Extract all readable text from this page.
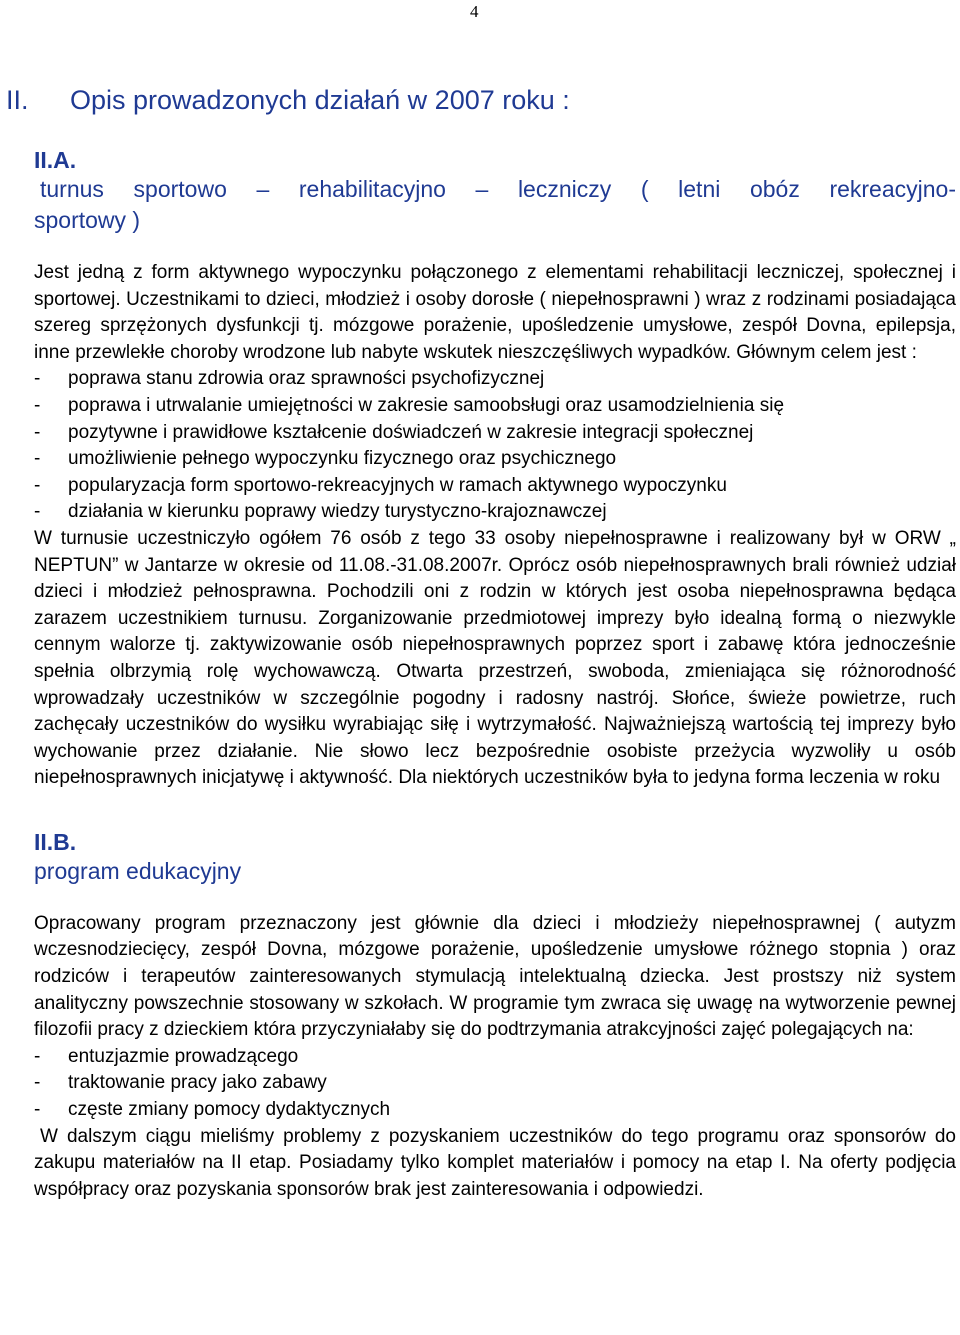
4
II. Opis prowadzonych działań w 2007 roku :
II.A.
turnus sportowo – rehabilitacyjno – leczniczy ( letni obóz rekreacyjno-
sportowy )

Jest jedną z form aktywnego wypoczynku połączonego z elementami rehabilitacji leczniczej, społecznej i sportowej. Uczestnikami to dzieci, młodzież i osoby dorosłe ( niepełnosprawni ) wraz z rodzinami posiadająca szereg sprzężonych dysfunkcji tj. mózgowe porażenie, upośledzenie umysłowe, zespół Dovna, epilepsja, inne przewlekłe choroby wrodzone lub nabyte wskutek nieszczęśliwych wypadków. Głównym celem jest :

- poprawa stanu zdrowia oraz sprawności psychofizycznej
- poprawa i utrwalanie umiejętności w zakresie samoobsługi oraz usamodzielnienia się
- pozytywne i prawidłowe kształcenie doświadczeń w zakresie integracji społecznej
- umożliwienie pełnego wypoczynku fizycznego oraz psychicznego
- popularyzacja form sportowo-rekreacyjnych w ramach aktywnego wypoczynku
- działania w kierunku poprawy wiedzy turystyczno-krajoznawczej

W turnusie uczestniczyło ogółem 76 osób z tego 33 osoby niepełnosprawne i realizowany był w ORW „ NEPTUN” w Jantarze w okresie od 11.08.-31.08.2007r. Oprócz osób niepełnosprawnych brali również udział dzieci i młodzież pełnosprawna. Pochodzili oni z rodzin w których jest osoba niepełnosprawna będąca zarazem uczestnikiem turnusu. Zorganizowanie przedmiotowej imprezy było idealną formą o niezwykle cennym walorze tj. zaktywizowanie osób niepełnosprawnych poprzez sport i zabawę która jednocześnie spełnia olbrzymią rolę wychowawczą. Otwarta przestrzeń, swoboda, zmieniająca się różnorodność wprowadzały uczestników w szczególnie pogodny i radosny nastrój. Słońce, świeże powietrze, ruch zachęcały uczestników do wysiłku wyrabiając siłę i wytrzymałość. Najważniejszą wartością tej imprezy było wychowanie przez działanie. Nie słowo lecz bezpośrednie osobiste przeżycia wyzwoliły u osób niepełnosprawnych inicjatywę i aktywność. Dla niektórych uczestników była to jedyna forma leczenia w roku

II.B.
program edukacyjny

Opracowany program przeznaczony jest głównie dla dzieci i młodzieży niepełnosprawnej ( autyzm wczesnodziecięcy, zespół Dovna, mózgowe porażenie, upośledzenie umysłowe różnego stopnia ) oraz rodziców i terapeutów zainteresowanych stymulacją intelektualną dziecka. Jest prostszy niż system analityczny powszechnie stosowany w szkołach. W programie tym zwraca się uwagę na wytworzenie pewnej filozofii pracy z dzieckiem która przyczyniałaby się do podtrzymania atrakcyjności zajęć polegających na:

- entuzjazmie prowadzącego
- traktowanie pracy jako zabawy
- częste zmiany pomocy dydaktycznych

W dalszym ciągu mieliśmy problemy z pozyskaniem uczestników do tego programu oraz sponsorów do zakupu materiałów na II etap. Posiadamy tylko komplet materiałów i pomocy na etap I. Na oferty podjęcia współpracy oraz pozyskania sponsorów brak jest zainteresowania i odpowiedzi.
